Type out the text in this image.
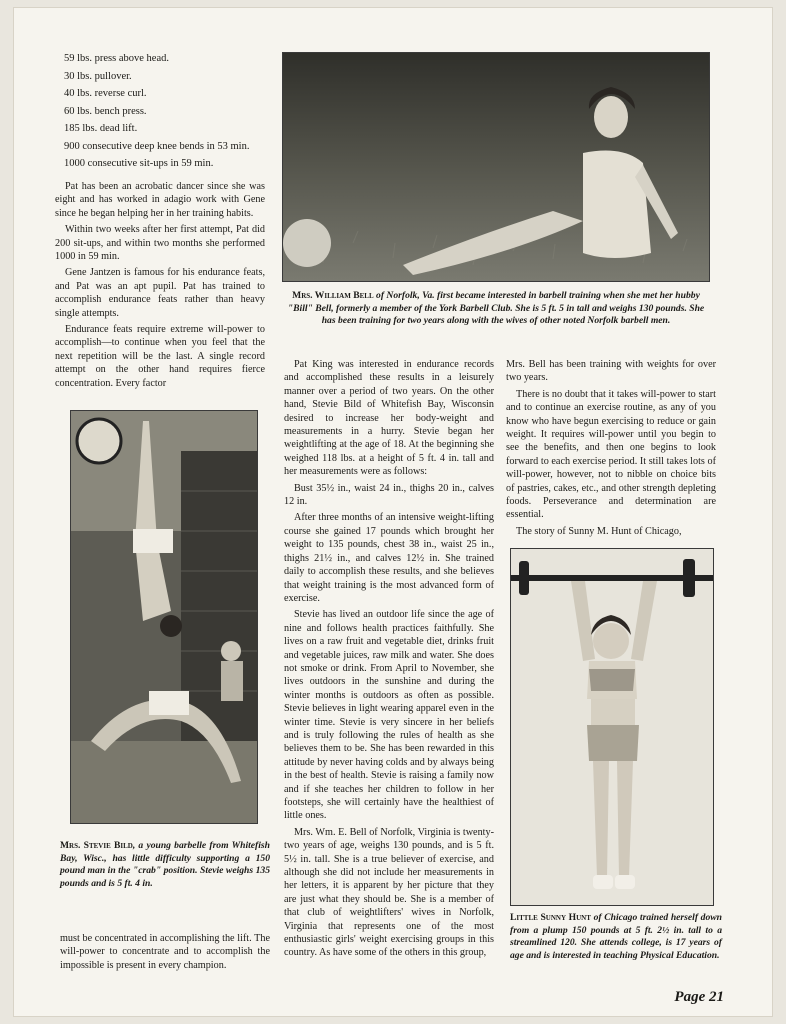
59 lbs. press above head.
30 lbs. pullover.
40 lbs. reverse curl.
60 lbs. bench press.
185 lbs. dead lift.
900 consecutive deep knee bends in 53 min.
1000 consecutive sit-ups in 59 min.

Pat has been an acrobatic dancer since she was eight and has worked in adagio work with Gene since he began helping her in her training habits.

Within two weeks after her first attempt, Pat did 200 sit-ups, and within two months she performed 1000 in 59 min.

Gene Jantzen is famous for his endurance feats, and Pat was an apt pupil. Pat has trained to accomplish endurance feats rather than heavy single attempts.

Endurance feats require extreme will-power to accomplish—to continue when you feel that the next repetition will be the last. A single record attempt on the other hand requires fierce concentration. Every factor

Mrs. William Bell of Norfolk, Va. first became interested in barbell training when she met her hubby "Bill" Bell, formerly a member of the York Barbell Club. She is 5 ft. 5 in tall and weighs 130 pounds. She has been training for two years along with the wives of other noted Norfolk barbell men.
Mrs. Stevie Bild, a young barbelle from Whitefish Bay, Wisc., has little difficulty supporting a 150 pound man in the "crab" position. Stevie weighs 135 pounds and is 5 ft. 4 in.

must be concentrated in accomplishing the lift. The will-power to concentrate and to accomplish the impossible is present in every champion.

Pat King was interested in endurance records and accomplished these results in a leisurely manner over a period of two years. On the other hand, Stevie Bild of Whitefish Bay, Wisconsin desired to increase her body-weight and measurements in a hurry. Stevie began her weightlifting at the age of 18. At the beginning she weighed 118 lbs. at a height of 5 ft. 4 in. tall and her measurements were as follows:

Bust 35½ in., waist 24 in., thighs 20 in., calves 12 in.

After three months of an intensive weight-lifting course she gained 17 pounds which brought her weight to 135 pounds, chest 38 in., waist 25 in., thighs 21½ in., and calves 12½ in. She trained daily to accomplish these results, and she believes that weight training is the most advanced form of exercise.

Stevie has lived an outdoor life since the age of nine and follows health practices faithfully. She lives on a raw fruit and vegetable diet, drinks fruit and vegetable juices, raw milk and water. She does not smoke or drink. From April to November, she lives outdoors in the sunshine and during the winter months is outdoors as often as possible. Stevie believes in light wearing apparel even in the winter time. Stevie is very sincere in her beliefs and is truly following the rules of health as she believes them to be. She has been rewarded in this attitude by never having colds and by always being in the best of health. Stevie is raising a family now and if she teaches her children to follow in her footsteps, she will certainly have the healthiest of little ones.

Mrs. Wm. E. Bell of Norfolk, Virginia is twenty-two years of age, weighs 130 pounds, and is 5 ft. 5½ in. tall. She is a true believer of exercise, and although she did not include her measurements in her letters, it is apparent by her picture that they are just what they should be. She is a member of that club of weightlifters' wives in Norfolk, Virginia that represents one of the most enthusiastic girls' weight exercising groups in this country. As have some of the others in this group,

Mrs. Bell has been training with weights for over two years.

There is no doubt that it takes will-power to start and to continue an exercise routine, as any of you know who have begun exercising to reduce or gain weight. It requires will-power until you begin to see the benefits, and then one begins to look forward to each exercise period. It still takes lots of will-power, however, not to nibble on choice bits of pastries, cakes, etc., and other strength depleting foods. Perseverance and determination are essential.

The story of Sunny M. Hunt of Chicago,

Little Sunny Hunt of Chicago trained herself down from a plump 150 pounds at 5 ft. 2½ in. tall to a streamlined 120. She attends college, is 17 years of age and is interested in teaching Physical Education.
Page 21
